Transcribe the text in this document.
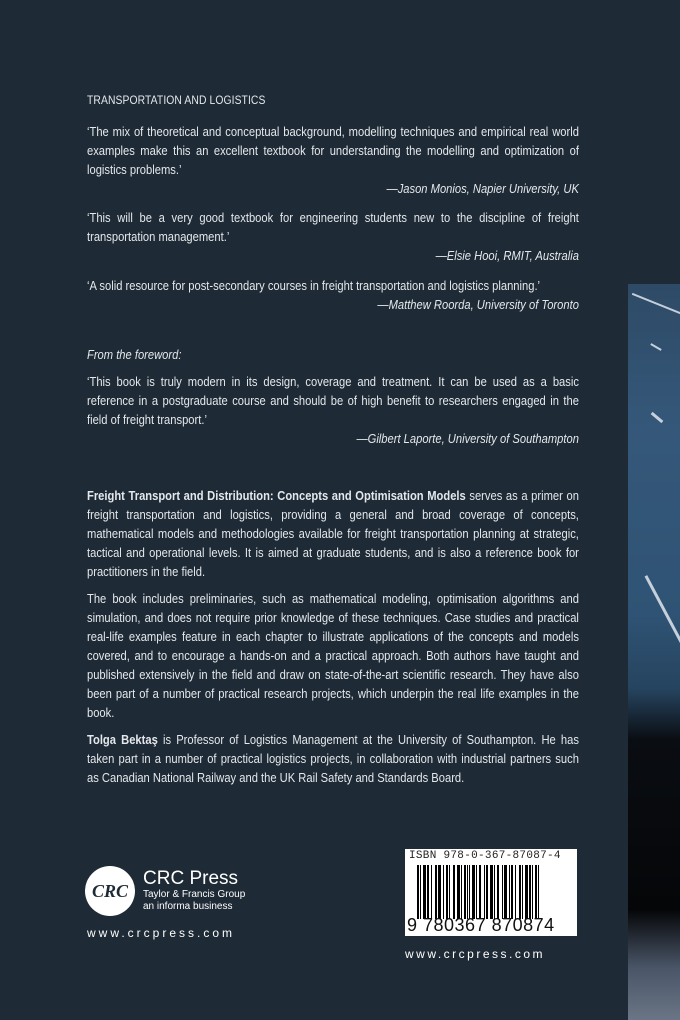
TRANSPORTATION AND LOGISTICS

‘The mix of theoretical and conceptual background, modelling techniques and empirical real world examples make this an excellent textbook for understanding the modelling and optimization of logistics problems.’

—Jason Monios, Napier University, UK

‘This will be a very good textbook for engineering students new to the discipline of freight transportation management.’

—Elsie Hooi, RMIT, Australia

‘A solid resource for post-secondary courses in freight transportation and logistics planning.’

—Matthew Roorda, University of Toronto

From the foreword:

‘This book is truly modern in its design, coverage and treatment. It can be used as a basic reference in a postgraduate course and should be of high benefit to researchers engaged in the field of freight transport.’

—Gilbert Laporte, University of Southampton

Freight Transport and Distribution: Concepts and Optimisation Models serves as a primer on freight transportation and logistics, providing a general and broad coverage of concepts, mathematical models and methodologies available for freight transportation planning at strategic, tactical and operational levels. It is aimed at graduate students, and is also a reference book for practitioners in the field.

The book includes preliminaries, such as mathematical modeling, optimisation algorithms and simulation, and does not require prior knowledge of these techniques. Case studies and practical real-life examples feature in each chapter to illustrate applications of the concepts and models covered, and to encourage a hands-on and a practical approach. Both authors have taught and published extensively in the field and draw on state-of-the-art scientific research. They have also been part of a number of practical research projects, which underpin the real life examples in the book.

Tolga Bektaş is Professor of Logistics Management at the University of Southampton. He has taken part in a number of practical logistics projects, in collaboration with industrial partners such as Canadian National Railway and the UK Rail Safety and Standards Board.

CRC
CRC Press
Taylor & Francis Group
an informa business
www.crcpress.com
ISBN 978-0-367-87087-4
9 780367 870874
www.crcpress.com
